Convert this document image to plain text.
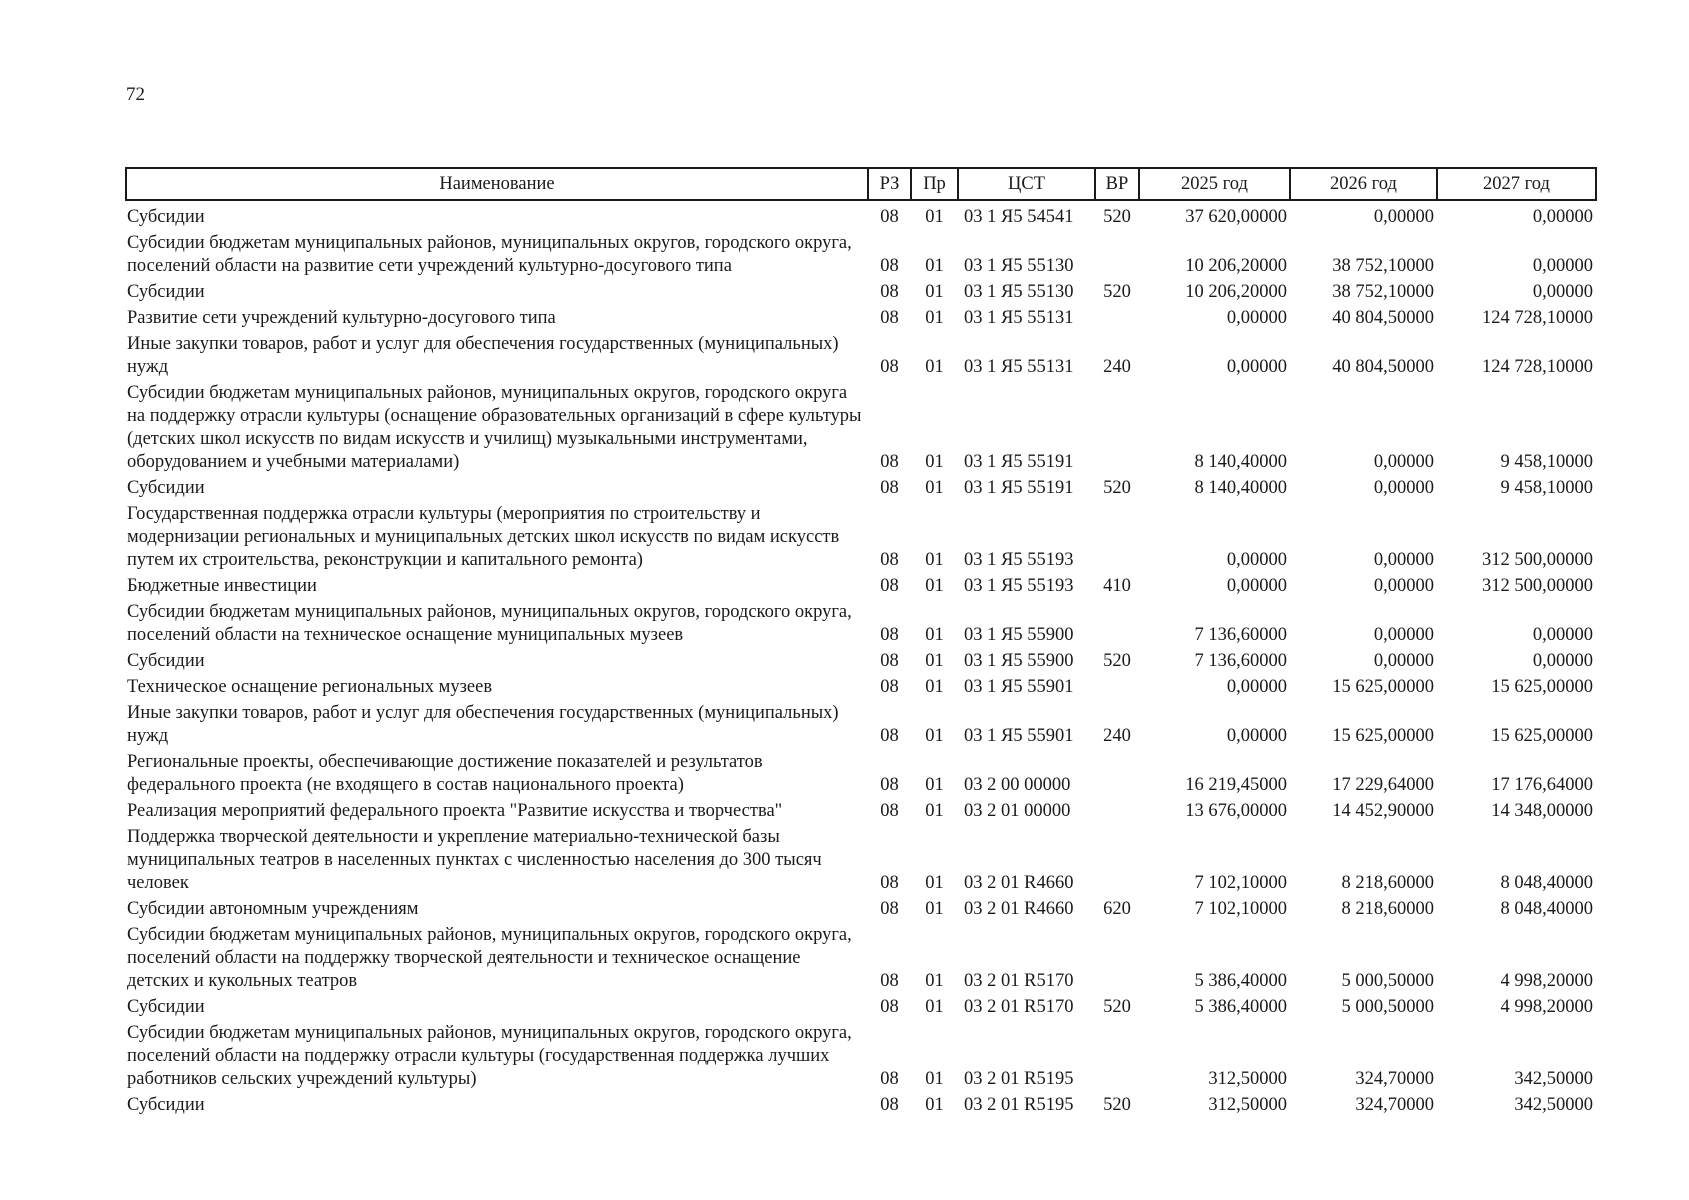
72
Наименование	РЗ	Пр	ЦСТ	ВР	2025 год	2026 год	2027 год
Субсидии	08	01	03 1 Я5 54541	520	37 620,00000	0,00000	0,00000
Субсидии бюджетам муниципальных районов, муниципальных округов, городского округа, поселений области на развитие сети учреждений культурно-досугового типа	08	01	03 1 Я5 55130		10 206,20000	38 752,10000	0,00000
Субсидии	08	01	03 1 Я5 55130	520	10 206,20000	38 752,10000	0,00000
Развитие сети учреждений культурно-досугового типа	08	01	03 1 Я5 55131		0,00000	40 804,50000	124 728,10000
Иные закупки товаров, работ и услуг для обеспечения государственных (муниципальных) нужд	08	01	03 1 Я5 55131	240	0,00000	40 804,50000	124 728,10000
Субсидии бюджетам муниципальных районов, муниципальных округов, городского округа на поддержку отрасли культуры (оснащение образовательных организаций в сфере культуры (детских школ искусств по видам искусств и училищ) музыкальными инструментами, оборудованием и учебными материалами)	08	01	03 1 Я5 55191		8 140,40000	0,00000	9 458,10000
Субсидии	08	01	03 1 Я5 55191	520	8 140,40000	0,00000	9 458,10000
Государственная поддержка отрасли культуры (мероприятия по строительству и модернизации региональных и муниципальных детских школ искусств по видам искусств путем их строительства, реконструкции и капитального ремонта)	08	01	03 1 Я5 55193		0,00000	0,00000	312 500,00000
Бюджетные инвестиции	08	01	03 1 Я5 55193	410	0,00000	0,00000	312 500,00000
Субсидии бюджетам муниципальных районов, муниципальных округов, городского округа, поселений области на техническое оснащение муниципальных музеев	08	01	03 1 Я5 55900		7 136,60000	0,00000	0,00000
Субсидии	08	01	03 1 Я5 55900	520	7 136,60000	0,00000	0,00000
Техническое оснащение региональных музеев	08	01	03 1 Я5 55901		0,00000	15 625,00000	15 625,00000
Иные закупки товаров, работ и услуг для обеспечения государственных (муниципальных) нужд	08	01	03 1 Я5 55901	240	0,00000	15 625,00000	15 625,00000
Региональные проекты, обеспечивающие достижение показателей и результатов федерального проекта (не входящего в состав национального проекта)	08	01	03 2 00 00000		16 219,45000	17 229,64000	17 176,64000
Реализация мероприятий федерального проекта "Развитие искусства и творчества"	08	01	03 2 01 00000		13 676,00000	14 452,90000	14 348,00000
Поддержка творческой деятельности и укрепление материально-технической базы муниципальных театров в населенных пунктах с численностью населения до 300 тысяч человек	08	01	03 2 01 R4660		7 102,10000	8 218,60000	8 048,40000
Субсидии автономным учреждениям	08	01	03 2 01 R4660	620	7 102,10000	8 218,60000	8 048,40000
Субсидии бюджетам муниципальных районов, муниципальных округов, городского округа, поселений области на поддержку творческой деятельности и техническое оснащение детских и кукольных театров	08	01	03 2 01 R5170		5 386,40000	5 000,50000	4 998,20000
Субсидии	08	01	03 2 01 R5170	520	5 386,40000	5 000,50000	4 998,20000
Субсидии бюджетам муниципальных районов, муниципальных округов, городского округа, поселений области на поддержку отрасли культуры (государственная поддержка лучших работников сельских учреждений культуры)	08	01	03 2 01 R5195		312,50000	324,70000	342,50000
Субсидии	08	01	03 2 01 R5195	520	312,50000	324,70000	342,50000
